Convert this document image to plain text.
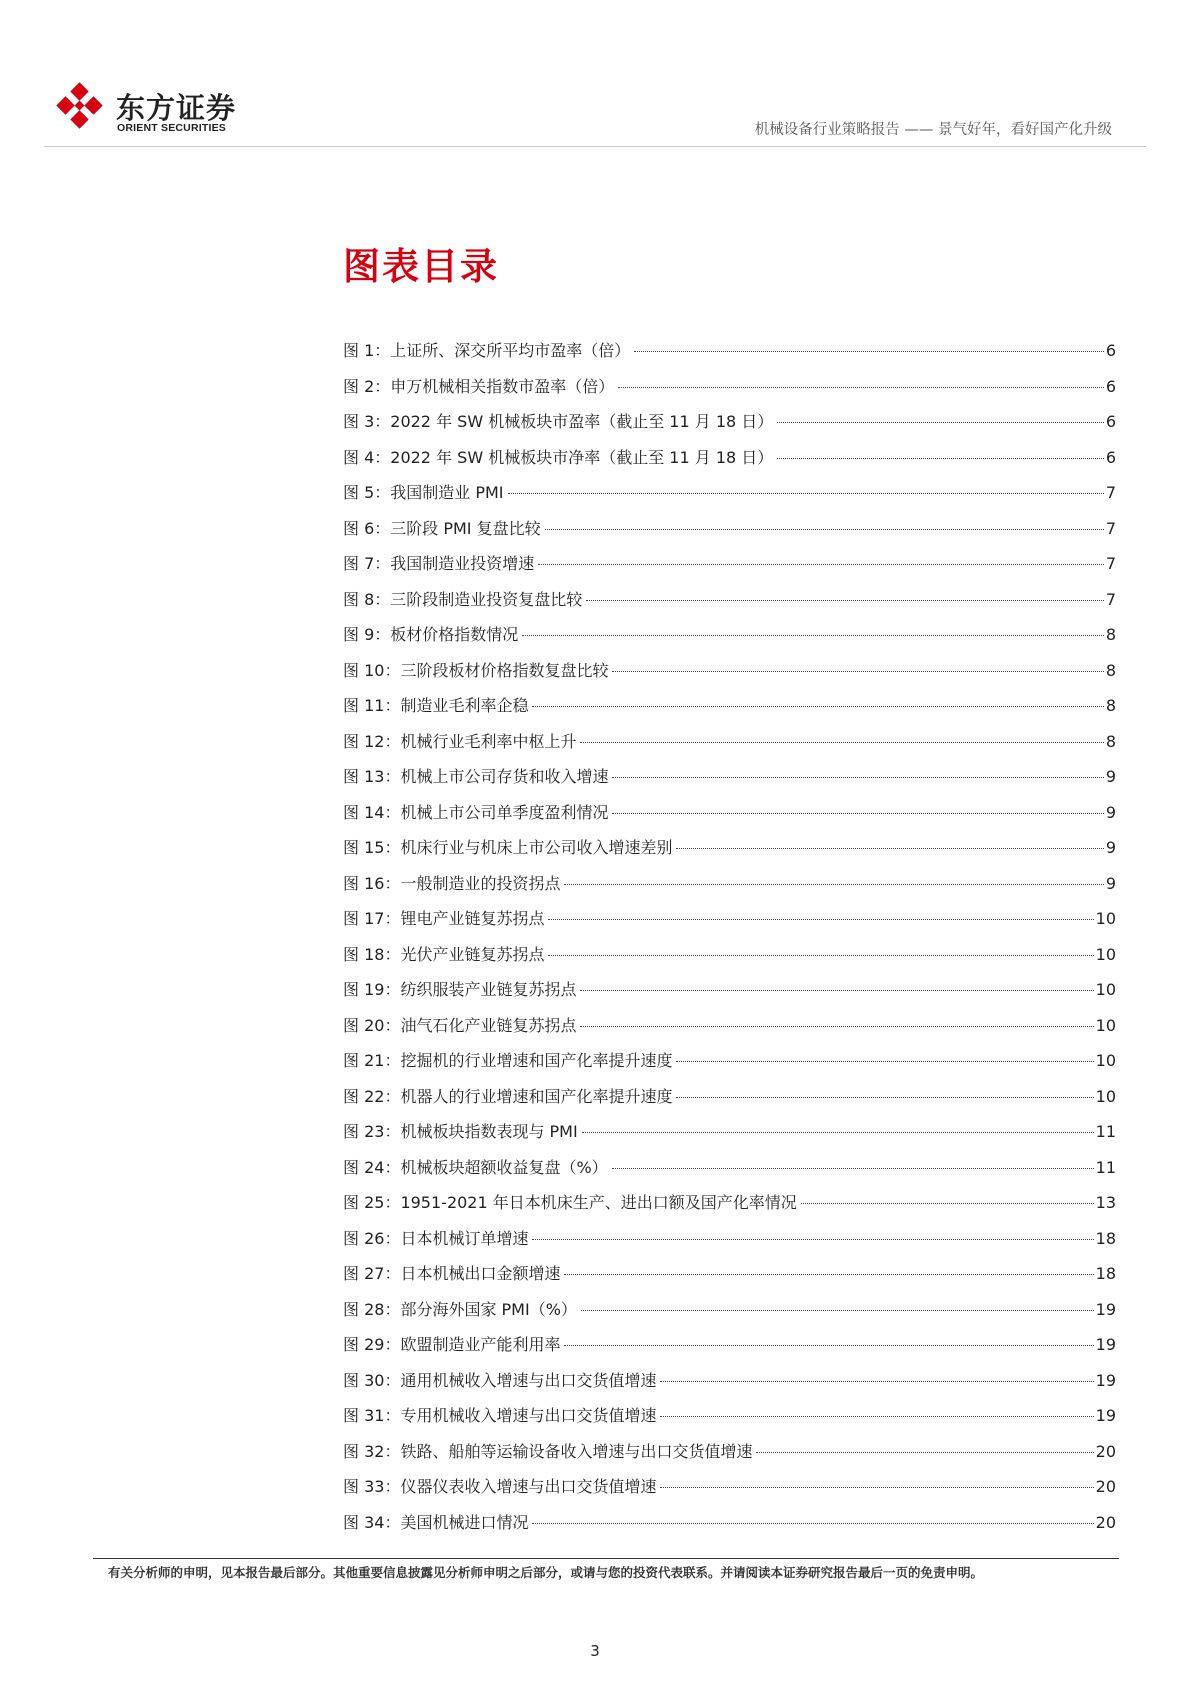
东方证券
ORIENT SECURITIES	机械设备行业策略报告 —— 景气好年，看好国产化升级
图表目录
图 1：上证所、深交所平均市盈率（倍）	6
图 2：申万机械相关指数市盈率（倍）	6
图 3：2022 年 SW 机械板块市盈率（截止至 11 月 18 日）	6
图 4：2022 年 SW 机械板块市净率（截止至 11 月 18 日）	6
图 5：我国制造业 PMI	7
图 6：三阶段 PMI 复盘比较	7
图 7：我国制造业投资增速	7
图 8：三阶段制造业投资复盘比较	7
图 9：板材价格指数情况	8
图 10：三阶段板材价格指数复盘比较	8
图 11：制造业毛利率企稳	8
图 12：机械行业毛利率中枢上升	8
图 13：机械上市公司存货和收入增速	9
图 14：机械上市公司单季度盈利情况	9
图 15：机床行业与机床上市公司收入增速差别	9
图 16：一般制造业的投资拐点	9
图 17：锂电产业链复苏拐点	10
图 18：光伏产业链复苏拐点	10
图 19：纺织服装产业链复苏拐点	10
图 20：油气石化产业链复苏拐点	10
图 21：挖掘机的行业增速和国产化率提升速度	10
图 22：机器人的行业增速和国产化率提升速度	10
图 23：机械板块指数表现与 PMI	11
图 24：机械板块超额收益复盘（%）	11
图 25：1951-2021 年日本机床生产、进出口额及国产化率情况	13
图 26：日本机械订单增速	18
图 27：日本机械出口金额增速	18
图 28：部分海外国家 PMI（%）	19
图 29：欧盟制造业产能利用率	19
图 30：通用机械收入增速与出口交货值增速	19
图 31：专用机械收入增速与出口交货值增速	19
图 32：铁路、船舶等运输设备收入增速与出口交货值增速	20
图 33：仪器仪表收入增速与出口交货值增速	20
图 34：美国机械进口情况	20
有关分析师的申明，见本报告最后部分。其他重要信息披露见分析师申明之后部分，或请与您的投资代表联系。并请阅读本证券研究报告最后一页的免责申明。
3
